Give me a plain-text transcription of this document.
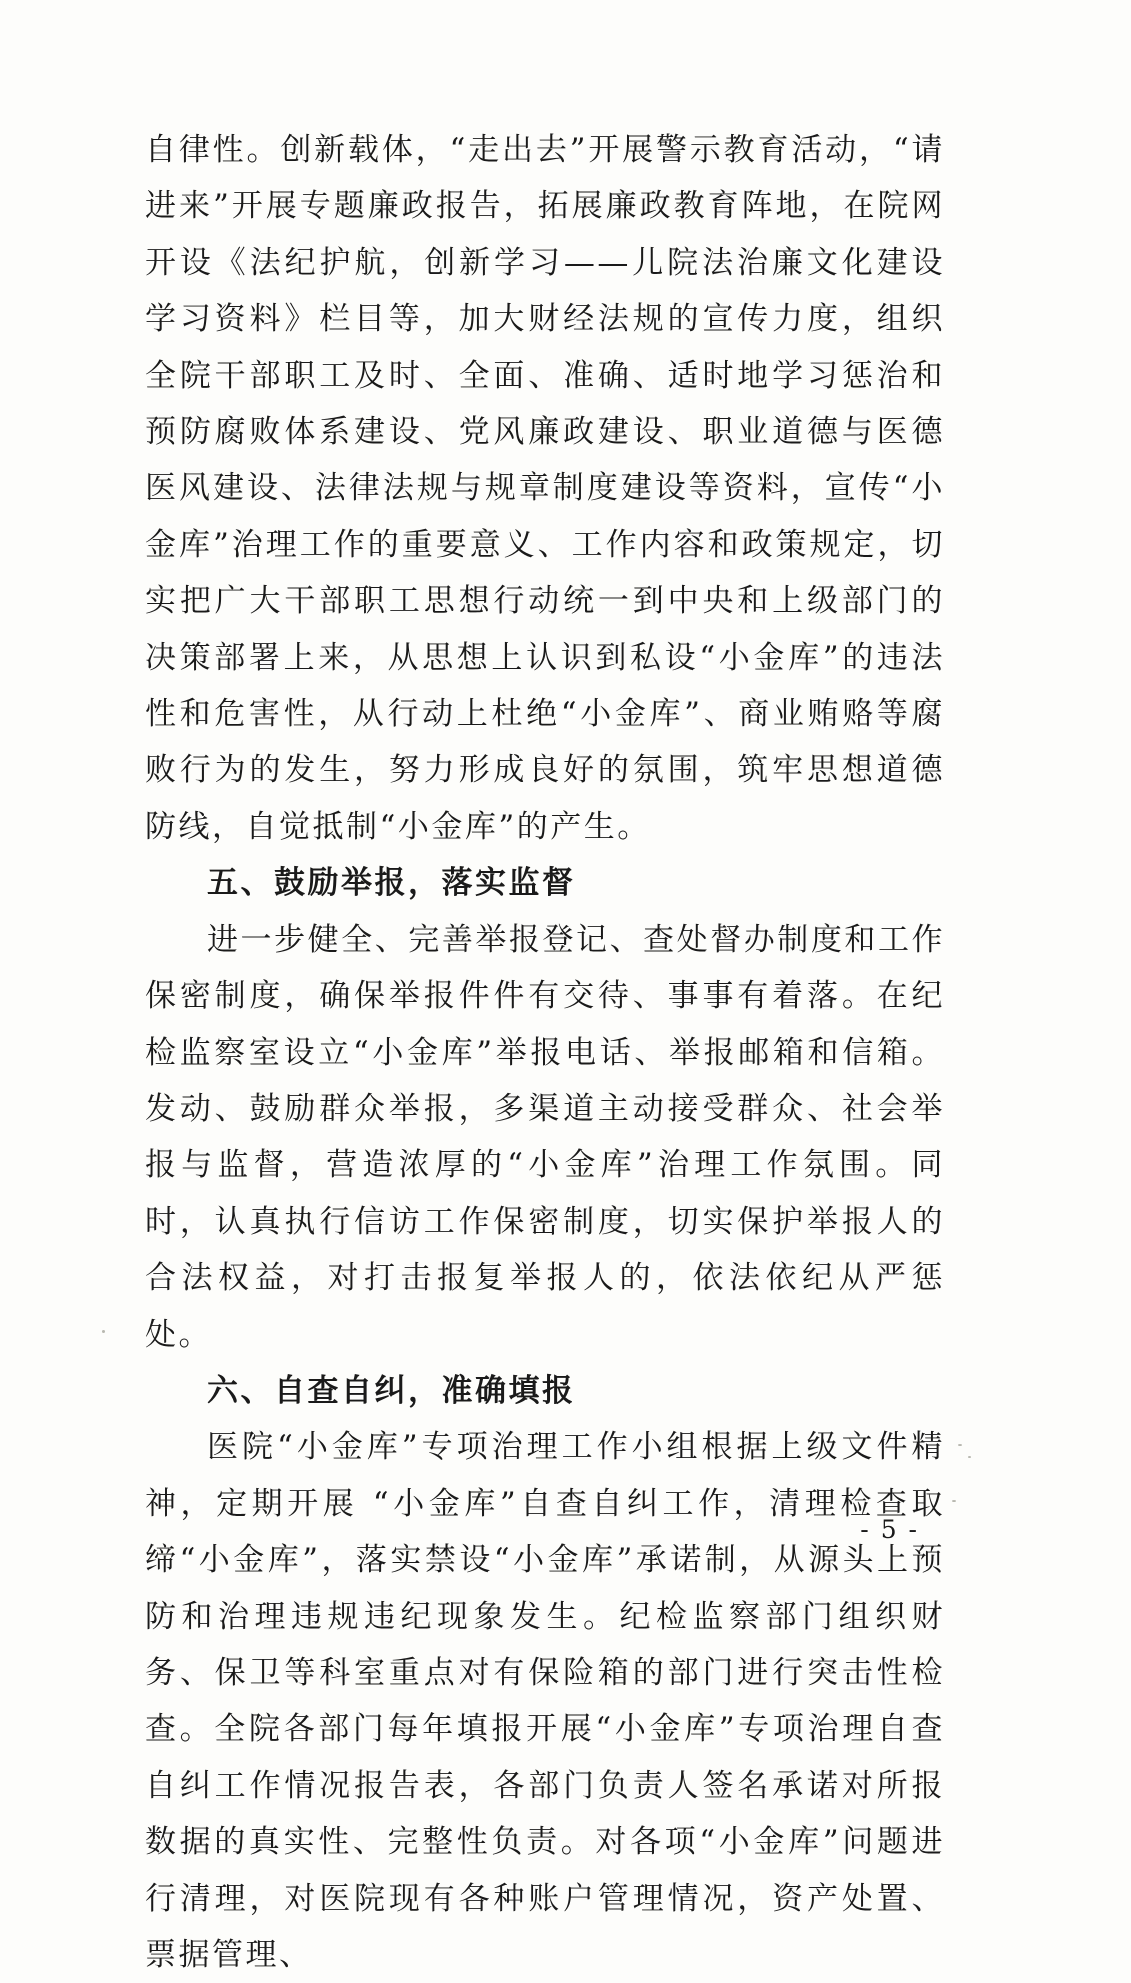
自律性。创新载体，“走出去”开展警示教育活动，“请进来”开展专题廉政报告，拓展廉政教育阵地，在院网开设《法纪护航，创新学习——儿院法治廉文化建设学习资料》栏目等，加大财经法规的宣传力度，组织全院干部职工及时、全面、准确、适时地学习惩治和预防腐败体系建设、党风廉政建设、职业道德与医德医风建设、法律法规与规章制度建设等资料，宣传“小金库”治理工作的重要意义、工作内容和政策规定，切实把广大干部职工思想行动统一到中央和上级部门的决策部署上来，从思想上认识到私设“小金库”的违法性和危害性，从行动上杜绝“小金库”、商业贿赂等腐败行为的发生，努力形成良好的氛围，筑牢思想道德防线，自觉抵制“小金库”的产生。

五、鼓励举报，落实监督

进一步健全、完善举报登记、查处督办制度和工作保密制度，确保举报件件有交待、事事有着落。在纪检监察室设立“小金库”举报电话、举报邮箱和信箱。发动、鼓励群众举报，多渠道主动接受群众、社会举报与监督，营造浓厚的“小金库”治理工作氛围。同时，认真执行信访工作保密制度，切实保护举报人的合法权益，对打击报复举报人的，依法依纪从严惩处。

六、自查自纠，准确填报

医院“小金库”专项治理工作小组根据上级文件精神，定期开展 “小金库”自查自纠工作，清理检查取缔“小金库”，落实禁设“小金库”承诺制，从源头上预防和治理违规违纪现象发生。纪检监察部门组织财务、保卫等科室重点对有保险箱的部门进行突击性检查。全院各部门每年填报开展“小金库”专项治理自查自纠工作情况报告表，各部门负责人签名承诺对所报数据的真实性、完整性负责。对各项“小金库”问题进行清理，对医院现有各种账户管理情况，资产处置、票据管理、

- 5 -
